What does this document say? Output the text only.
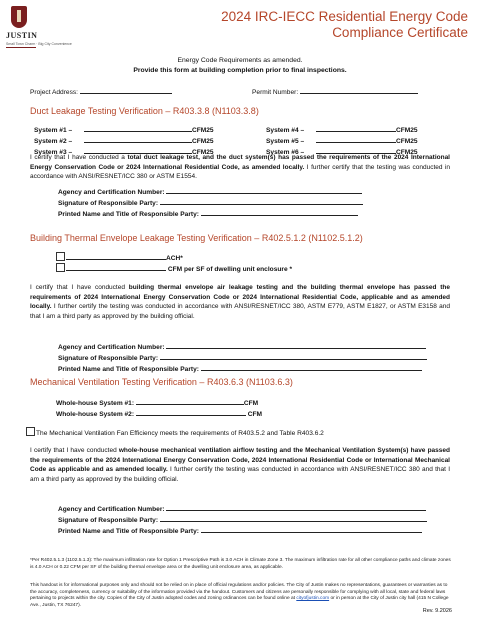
JUSTIN
Small Town Charm · Big City Convenience
2024 IRC-IECC Residential Energy Code
Compliance Certificate
Energy Code Requirements as amended.
Provide this form at building completion prior to final inspections.
Project Address:	Permit Number:
Duct Leakage Testing Verification – R403.3.8 (N1103.3.8)
System #1 –	CFM25
System #2 –	CFM25
System #3 –	CFM25
System #4 –	CFM25
System #5 –	CFM25
System #6 –	CFM25
I certify that I have conducted a total duct leakage test, and the duct system(s) has passed the requirements of the 2024 International Energy Conservation Code or 2024 International Residential Code, as amended locally. I further certify that the testing was conducted in accordance with ANSI/RESNET/ICC 380 or ASTM E1554.
Agency and Certification Number:
Signature of Responsible Party:
Printed Name and Title of Responsible Party:
Building Thermal Envelope Leakage Testing Verification – R402.5.1.2 (N1102.5.1.2)
ACH*
CFM per SF of dwelling unit enclosure *
I certify that I have conducted building thermal envelope air leakage testing and the building thermal envelope has passed the requirements of 2024 International Energy Conservation Code or 2024 International Residential Code, applicable and as amended locally. I further certify the testing was conducted in accordance with ANSI/RESNET/ICC 380, ASTM E779, ASTM E1827, or ASTM E3158 and that I am a third party as approved by the building official.
Agency and Certification Number:
Signature of Responsible Party:
Printed Name and Title of Responsible Party:
Mechanical Ventilation Testing Verification – R403.6.3 (N1103.6.3)
Whole-house System #1:	CFM
Whole-house System #2:	CFM
The Mechanical Ventilation Fan Efficiency meets the requirements of R403.5.2 and Table R403.6.2
I certify that I have conducted whole-house mechanical ventilation airflow testing and the Mechanical Ventilation System(s) have passed the requirements of the 2024 International Energy Conservation Code, 2024 International Residential Code or International Mechanical Code as applicable and as amended locally. I further certify the testing was conducted in accordance with ANSI/RESNET/ICC 380 and that I am a third party as approved by the building official.
Agency and Certification Number:
Signature of Responsible Party:
Printed Name and Title of Responsible Party:
*Per R402.5.1.3 (1102.5.1.3): The maximum infiltration rate for Option 1 Prescriptive Path is 3.0 ACH in Climate Zone 3. The maximum infiltration rate for all other compliance paths and climate zones is 4.0 ACH or 0.22 CFM per SF of the building thermal envelope area or the dwelling unit enclosure area, as applicable.
This handout is for informational purposes only and should not be relied on in place of official regulations and/or policies. The City of Justin makes no representations, guarantees or warranties as to the accuracy, completeness, currency or suitability of the information provided via the handout. Customers and citizens are personally responsible for complying with all local, state and federal laws pertaining to projects within the city. Copies of the City of Justin adopted codes and zoning ordinances can be found online at cityofjustin.com or in person at the City of Justin city hall (415 N College Ave., Justin, TX 76247).
Rev. 9.2026
